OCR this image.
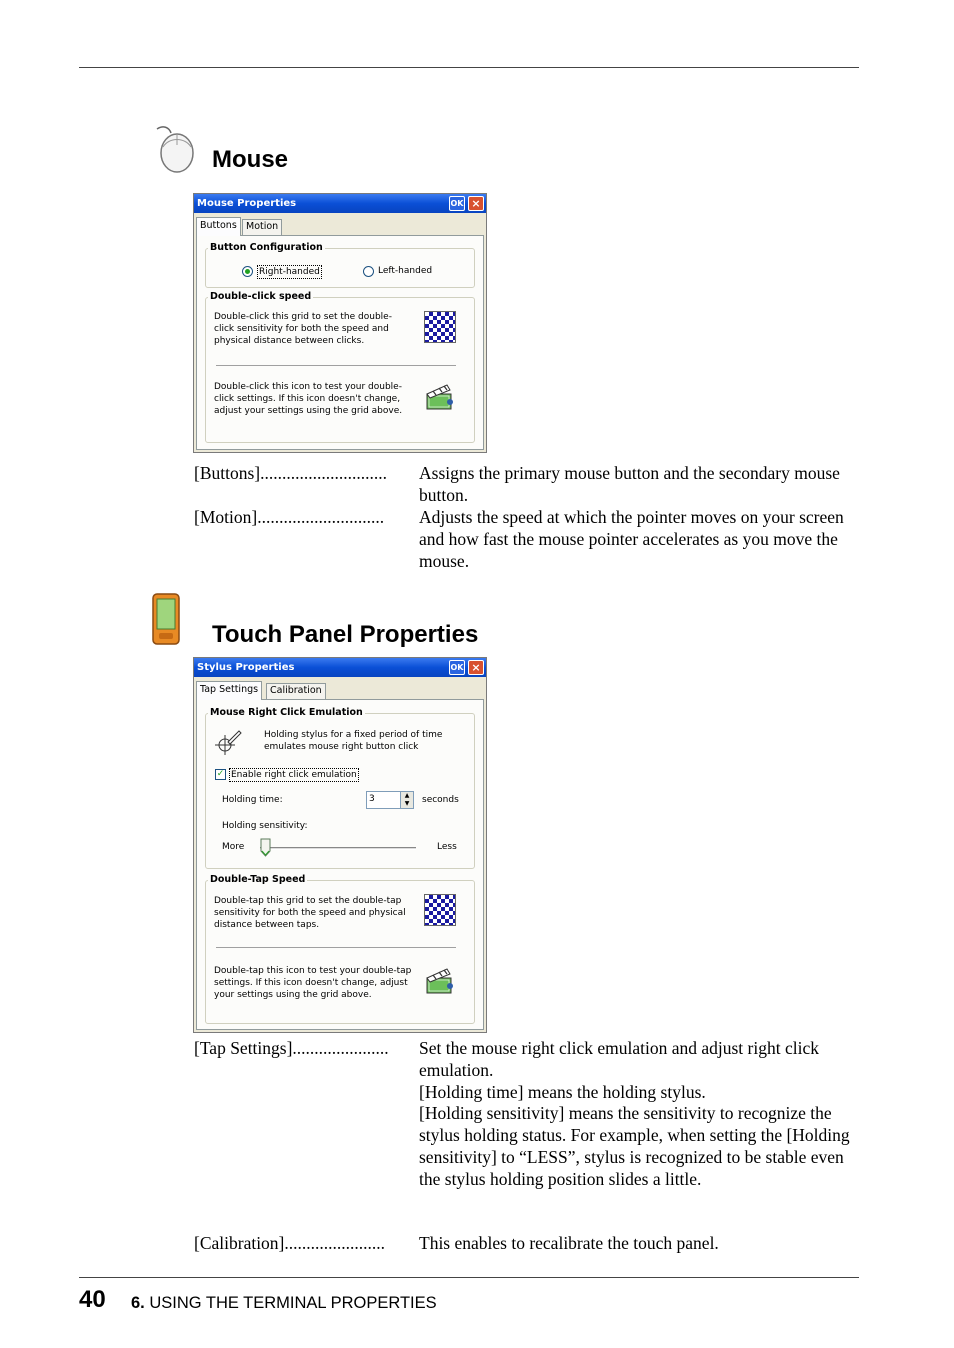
Mouse
Mouse Properties	OK ×
Buttons Motion
Button Configuration
Right-handed	Left-handed
Double-click speed
Double-click this grid to set the double-click sensitivity for both the speed and physical distance between clicks.
Double-click this icon to test your double-click settings. If this icon doesn't change, adjust your settings using the grid above.
[Buttons]............................. Assigns the primary mouse button and the secondary mouse button.
[Motion]............................. Adjusts the speed at which the pointer moves on your screen and how fast the mouse pointer accelerates as you move the mouse.
Touch Panel Properties
Stylus Properties	OK ×
Tap Settings	Calibration
Mouse Right Click Emulation
Holding stylus for a fixed period of time emulates mouse right button click
✓ Enable right click emulation
Holding time:	3	▲
▼	seconds
Holding sensitivity:
More	Less
Double-Tap Speed
Double-tap this grid to set the double-tap sensitivity for both the speed and physical distance between taps.
Double-tap this icon to test your double-tap settings. If this icon doesn't change, adjust your settings using the grid above.
[Tap Settings]...................... Set the mouse right click emulation and adjust right click emulation.
[Holding time] means the holding stylus.
[Holding sensitivity] means the sensitivity to recognize the stylus holding status. For example, when setting the [Holding sensitivity] to “LESS”, stylus is recognized to be stable even the stylus holding position slides a little.
[Calibration]....................... This enables to recalibrate the touch panel.
40 6. USING THE TERMINAL PROPERTIES
